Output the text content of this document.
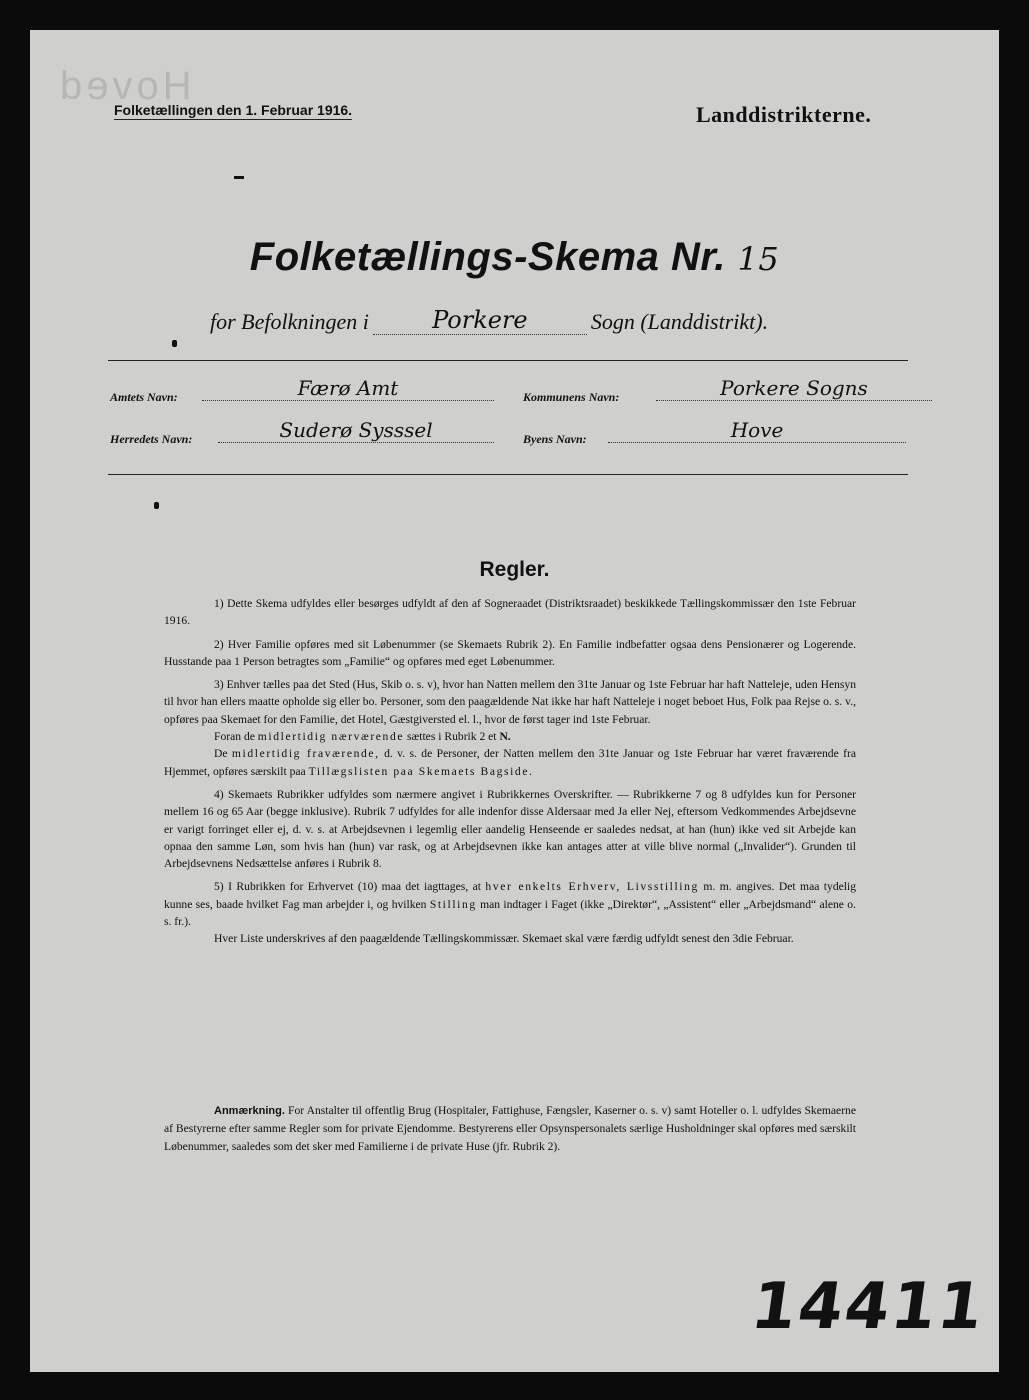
Hoved
Folketællingen den 1. Februar 1916.	Landdistrikterne.
Folketællings-Skema Nr. 15
for Befolkningen i	Porkere	Sogn (Landdistrikt).
Amtets Navn:	Færø Amt	Kommunens Navn:	Porkere Sogns
Herredets Navn:	Suderø Sysssel	Byens Navn:	Hove
Regler.

1) Dette Skema udfyldes eller besørges udfyldt af den af Sogneraadet (Distriktsraadet) beskikkede Tællingskommissær den 1ste Februar 1916.

2) Hver Familie opføres med sit Løbenummer (se Skemaets Rubrik 2). En Familie indbefatter ogsaa dens Pensionærer og Logerende. Husstande paa 1 Person betragtes som „Familie“ og opføres med eget Løbenummer.

3) Enhver tælles paa det Sted (Hus, Skib o. s. v), hvor han Natten mellem den 31te Januar og 1ste Februar har haft Natteleje, uden Hensyn til hvor han ellers maatte opholde sig eller bo. Personer, som den paagældende Nat ikke har haft Natteleje i noget beboet Hus, Folk paa Rejse o. s. v., opføres paa Skemaet for den Familie, det Hotel, Gæstgiversted el. l., hvor de først tager ind 1ste Februar.

Foran de midlertidig nærværende sættes i Rubrik 2 et N.

De midlertidig fraværende, d. v. s. de Personer, der Natten mellem den 31te Januar og 1ste Februar har været fraværende fra Hjemmet, opføres særskilt paa Tillægslisten paa Skemaets Bagside.

4) Skemaets Rubrikker udfyldes som nærmere angivet i Rubrikkernes Overskrifter. — Rubrikkerne 7 og 8 udfyldes kun for Personer mellem 16 og 65 Aar (begge inklusive). Rubrik 7 udfyldes for alle indenfor disse Aldersaar med Ja eller Nej, eftersom Vedkommendes Arbejdsevne er varigt forringet eller ej, d. v. s. at Arbejdsevnen i legemlig eller aandelig Henseende er saaledes nedsat, at han (hun) ikke ved sit Arbejde kan opnaa den samme Løn, som hvis han (hun) var rask, og at Arbejdsevnen ikke kan antages atter at ville blive normal („Invalider“). Grunden til Arbejdsevnens Nedsættelse anføres i Rubrik 8.

5) I Rubrikken for Erhvervet (10) maa det iagttages, at hver enkelts Erhverv, Livsstilling m. m. angives. Det maa tydelig kunne ses, baade hvilket Fag man arbejder i, og hvilken Stilling man indtager i Faget (ikke „Direktør“, „Assistent“ eller „Arbejdsmand“ alene o. s. fr.).

Hver Liste underskrives af den paagældende Tællingskommissær. Skemaet skal være færdig udfyldt senest den 3die Februar.

Anmærkning. For Anstalter til offentlig Brug (Hospitaler, Fattighuse, Fængsler, Kaserner o. s. v) samt Hoteller o. l. udfyldes Skemaerne af Bestyrerne efter samme Regler som for private Ejendomme. Bestyrerens eller Opsynspersonalets særlige Husholdninger skal opføres med særskilt Løbenummer, saaledes som det sker med Familierne i de private Huse (jfr. Rubrik 2).

14411
